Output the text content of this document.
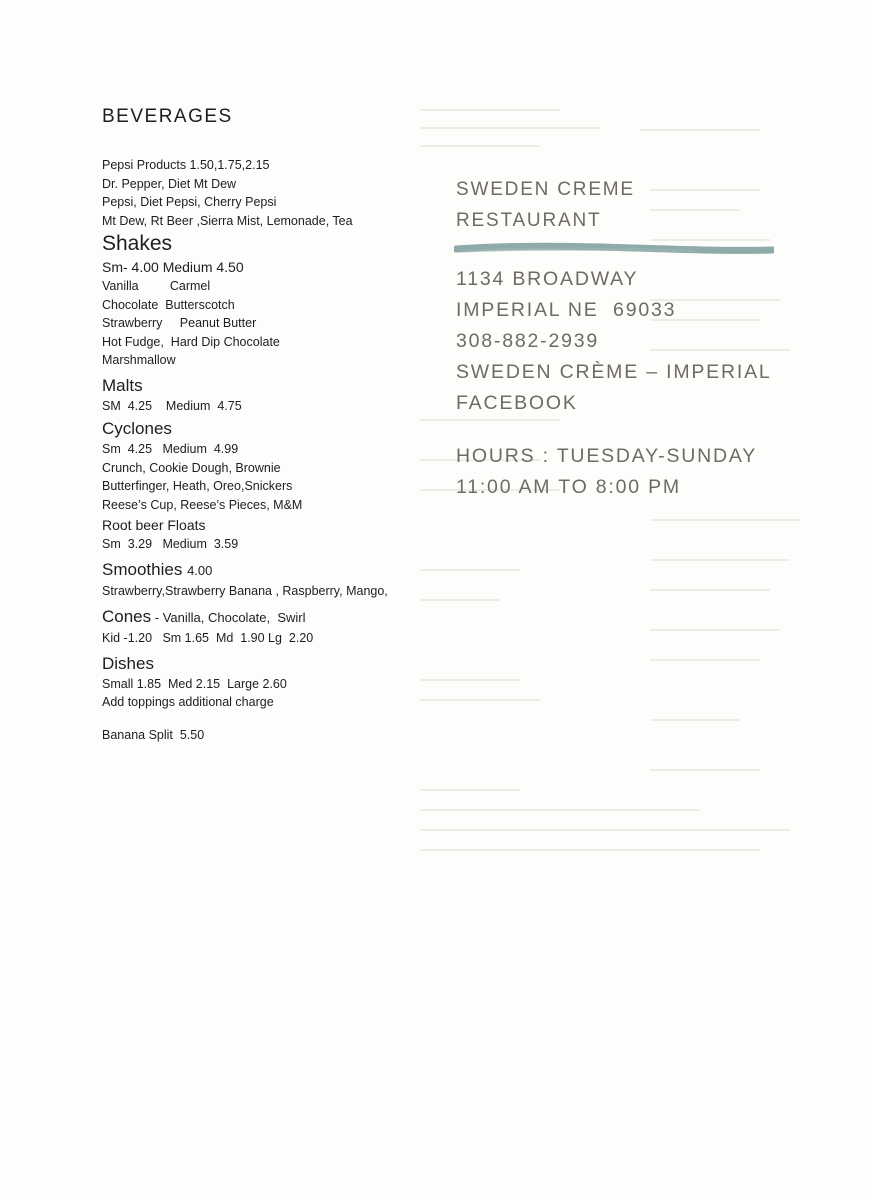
BEVERAGES
Pepsi Products 1.50,1.75,2.15
Dr. Pepper, Diet Mt Dew
Pepsi, Diet Pepsi, Cherry Pepsi
Mt Dew, Rt Beer ,Sierra Mist, Lemonade, Tea
Shakes
Sm- 4.00 Medium 4.50
Vanilla         Carmel
Chocolate  Butterscotch
Strawberry     Peanut Butter
Hot Fudge,  Hard Dip Chocolate
Marshmallow
Malts
SM  4.25    Medium  4.75
Cyclones
Sm  4.25   Medium  4.99
Crunch, Cookie Dough, Brownie
Butterfinger, Heath, Oreo,Snickers
Reese’s Cup, Reese’s Pieces, M&M
Root beer Floats
Sm  3.29   Medium  3.59
Smoothies 4.00
Strawberry,Strawberry Banana , Raspberry, Mango,
Cones - Vanilla, Chocolate,  Swirl
Kid -1.20   Sm 1.65  Md  1.90 Lg  2.20
Dishes
Small 1.85  Med 2.15  Large 2.60
Add toppings additional charge
Banana Split  5.50
SWEDEN CREME
RESTAURANT
1134 BROADWAY
IMPERIAL NE  69033
308-882-2939
SWEDEN CRÈME – IMPERIAL
FACEBOOK
HOURS : TUESDAY-SUNDAY
11:00 AM TO 8:00 PM
